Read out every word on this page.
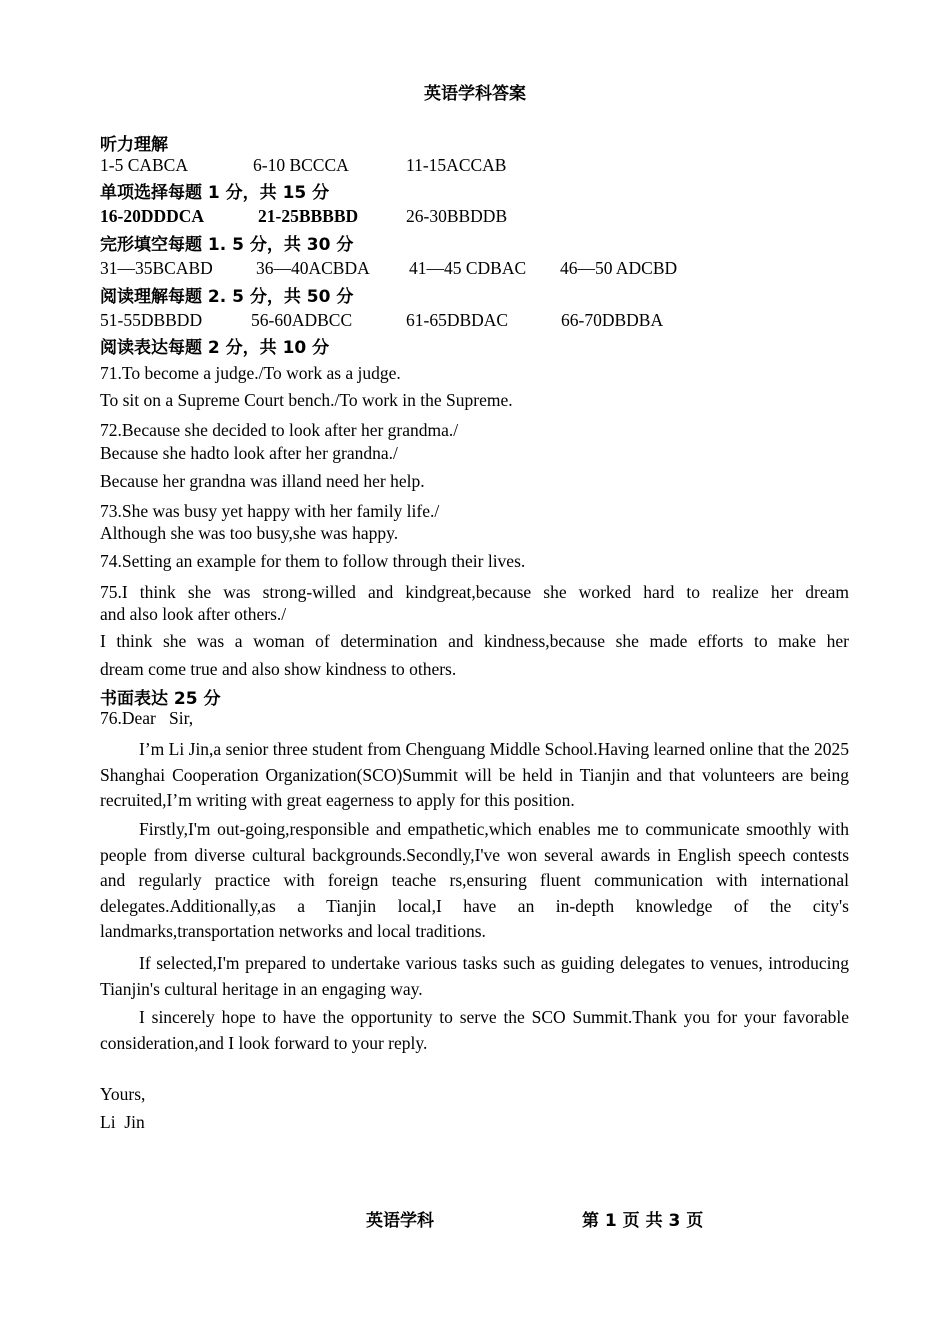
英语学科答案
听力理解
1-5 CABCA	6-10 BCCCA	11-15ACCAB
单项选择每题 1 分，共 15 分
16-20DDDCA	21-25BBBBD	26-30BBDDB
完形填空每题 1. 5 分，共 30 分
31—35BCABD 36—40ACBDA 41—45 CDBAC 46—50 ADCBD
阅读理解每题 2. 5 分，共 50 分
51-55DBBDD	56-60ADBCC	61-65DBDAC	66-70DBDBA
阅读表达每题 2 分，共 10 分
71.To become a judge./To work as a judge.
To sit on a Supreme Court bench./To work in the Supreme.
72.Because she decided to look after her grandma./
Because she hadto look after her grandna./
Because her grandna was illand need her help.
73.She was busy yet happy with her family life./
Although she was too busy,she was happy.
74.Setting an example for them to follow through their lives.
75.I think she was strong-willed and kindgreat,because she worked hard to realize her dream
and also look after others./
I think she was a woman of determination and kindness,because she made efforts to make her
dream come true and also show kindness to others.
书面表达 25 分
76.Dear   Sir,
I’m Li Jin,a senior three student from Chenguang Middle School.Having learned online that the 2025 Shanghai Cooperation Organization(SCO)Summit will be held in Tianjin and that volunteers are being recruited,I’m writing with great eagerness to apply for this position.
Firstly,I'm out-going,responsible and empathetic,which enables me to communicate smoothly with people from diverse cultural backgrounds.Secondly,I've won several awards in English speech contests and regularly practice with foreign teache rs,ensuring fluent communication with international delegates.Additionally,as a Tianjin local,I have an in-depth knowledge of the city's landmarks,transportation networks and local traditions.
If selected,I'm prepared to undertake various tasks such as guiding delegates to venues, introducing Tianjin's cultural heritage in an engaging way.
I sincerely hope to have the opportunity to serve the SCO Summit.Thank you for your favorable consideration,and I look forward to your reply.
Yours,
Li  Jin
英语学科	第 1 页 共 3 页
